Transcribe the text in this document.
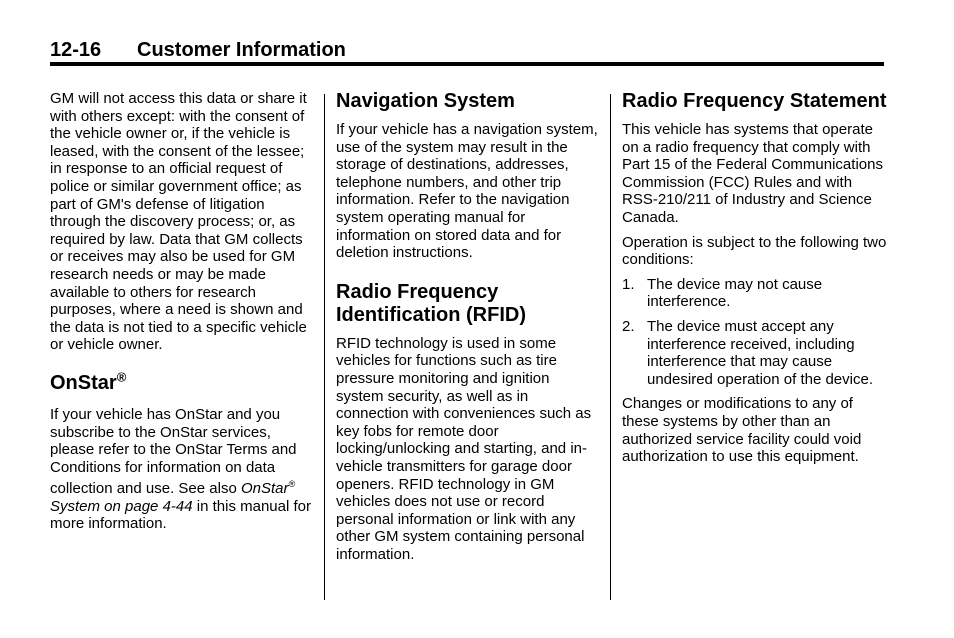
12-16 Customer Information

GM will not access this data or share it with others except: with the consent of the vehicle owner or, if the vehicle is leased, with the consent of the lessee; in response to an official request of police or similar government office; as part of GM's defense of litigation through the discovery process; or, as required by law. Data that GM collects or receives may also be used for GM research needs or may be made available to others for research purposes, where a need is shown and the data is not tied to a specific vehicle or vehicle owner.

OnStar®

If your vehicle has OnStar and you subscribe to the OnStar services, please refer to the OnStar Terms and Conditions for information on data collection and use. See also OnStar® System on page 4-44 in this manual for more information.

Navigation System

If your vehicle has a navigation system, use of the system may result in the storage of destinations, addresses, telephone numbers, and other trip information. Refer to the navigation system operating manual for information on stored data and for deletion instructions.

Radio Frequency Identification (RFID)

RFID technology is used in some vehicles for functions such as tire pressure monitoring and ignition system security, as well as in connection with conveniences such as key fobs for remote door locking/unlocking and starting, and in-vehicle transmitters for garage door openers. RFID technology in GM vehicles does not use or record personal information or link with any other GM system containing personal information.

Radio Frequency Statement

This vehicle has systems that operate on a radio frequency that comply with Part 15 of the Federal Communications Commission (FCC) Rules and with RSS-210/211 of Industry and Science Canada.

Operation is subject to the following two conditions:

1. The device may not cause interference.
2. The device must accept any interference received, including interference that may cause undesired operation of the device.

Changes or modifications to any of these systems by other than an authorized service facility could void authorization to use this equipment.
